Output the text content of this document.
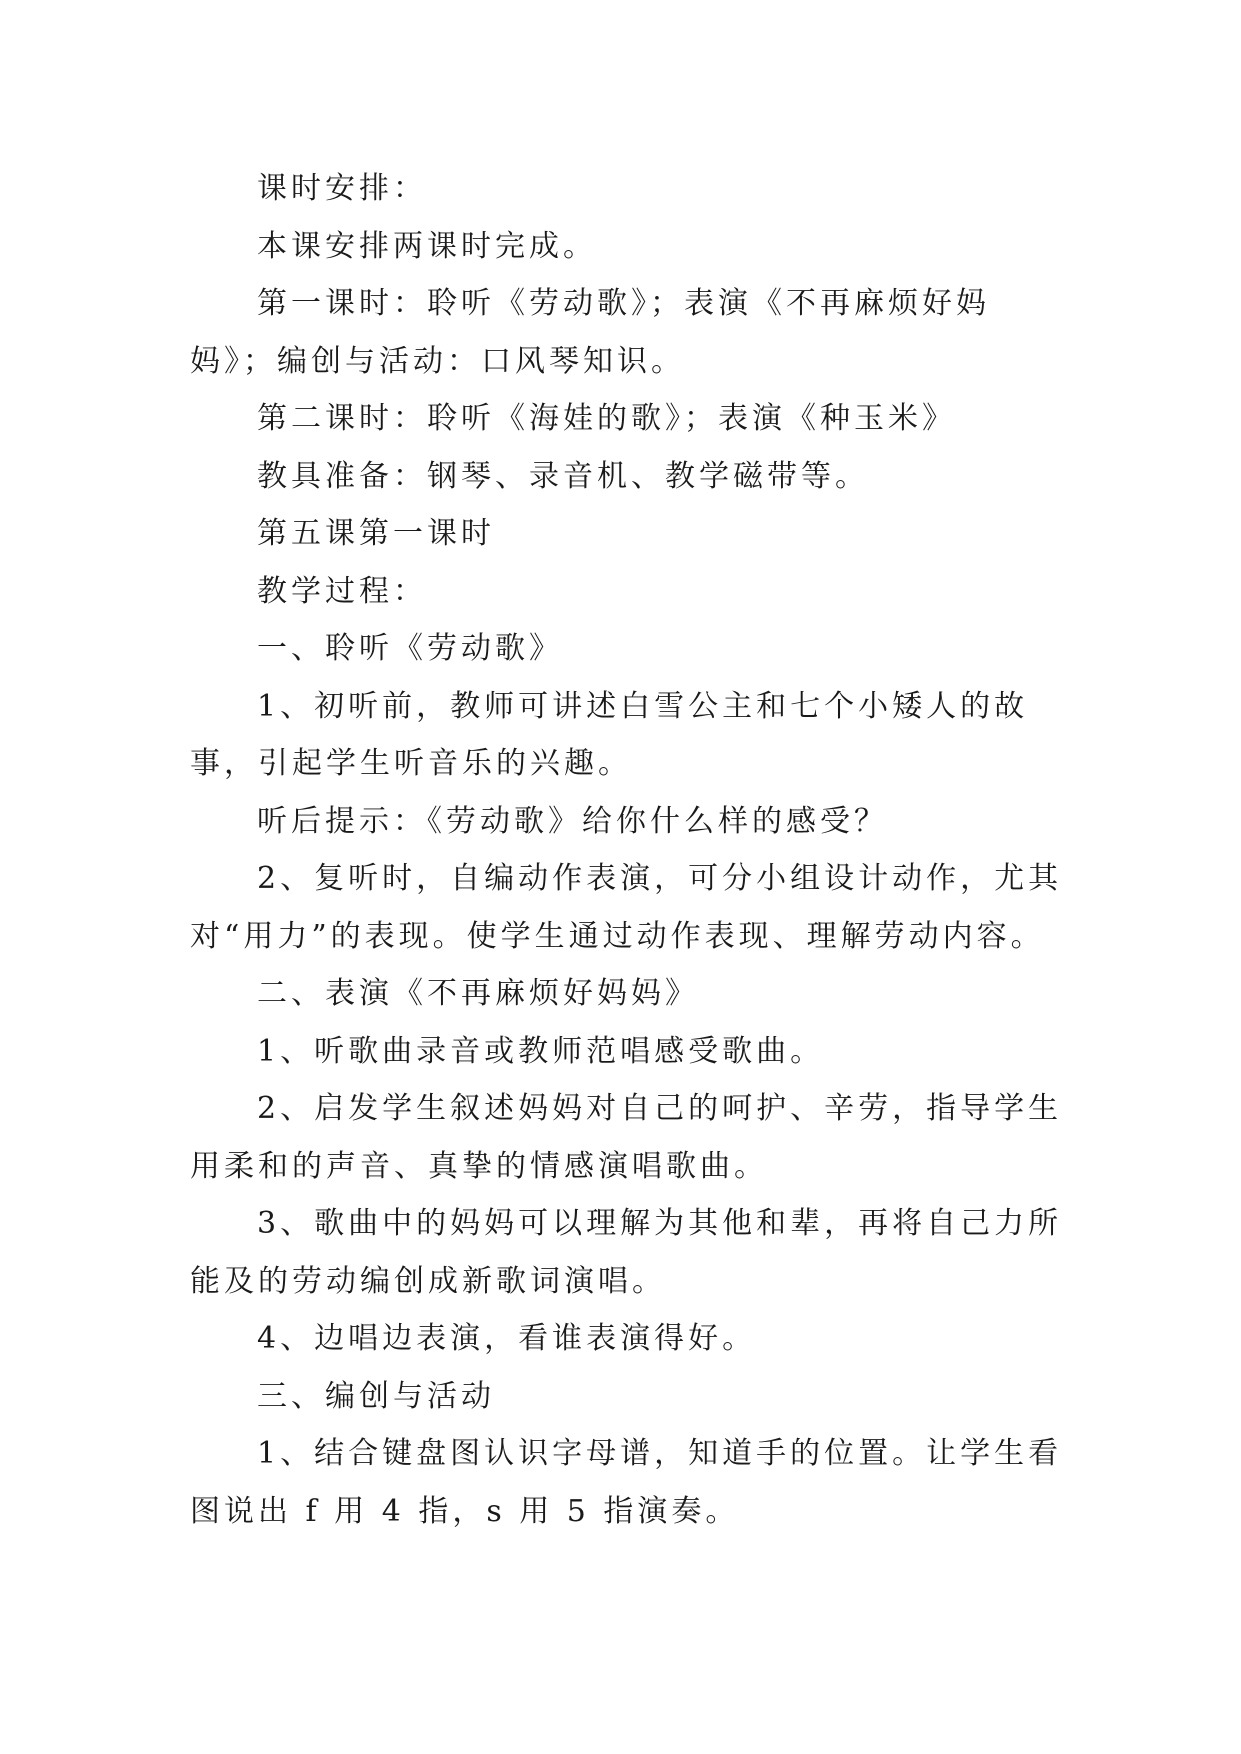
课时安排：

本课安排两课时完成。

第一课时：聆听《劳动歌》；表演《不再麻烦好妈妈》；编创与活动：口风琴知识。

第二课时：聆听《海娃的歌》；表演《种玉米》

教具准备：钢琴、录音机、教学磁带等。

第五课第一课时

教学过程：

一、聆听《劳动歌》

1、初听前，教师可讲述白雪公主和七个小矮人的故事，引起学生听音乐的兴趣。

听后提示：《劳动歌》给你什么样的感受？

2、复听时，自编动作表演，可分小组设计动作，尤其对“用力”的表现。使学生通过动作表现、理解劳动内容。

二、表演《不再麻烦好妈妈》

1、听歌曲录音或教师范唱感受歌曲。

2、启发学生叙述妈妈对自己的呵护、辛劳，指导学生用柔和的声音、真挚的情感演唱歌曲。

3、歌曲中的妈妈可以理解为其他和辈，再将自己力所能及的劳动编创成新歌词演唱。

4、边唱边表演，看谁表演得好。

三、编创与活动

1、结合键盘图认识字母谱，知道手的位置。让学生看图说出 f 用 4 指，s 用 5 指演奏。
